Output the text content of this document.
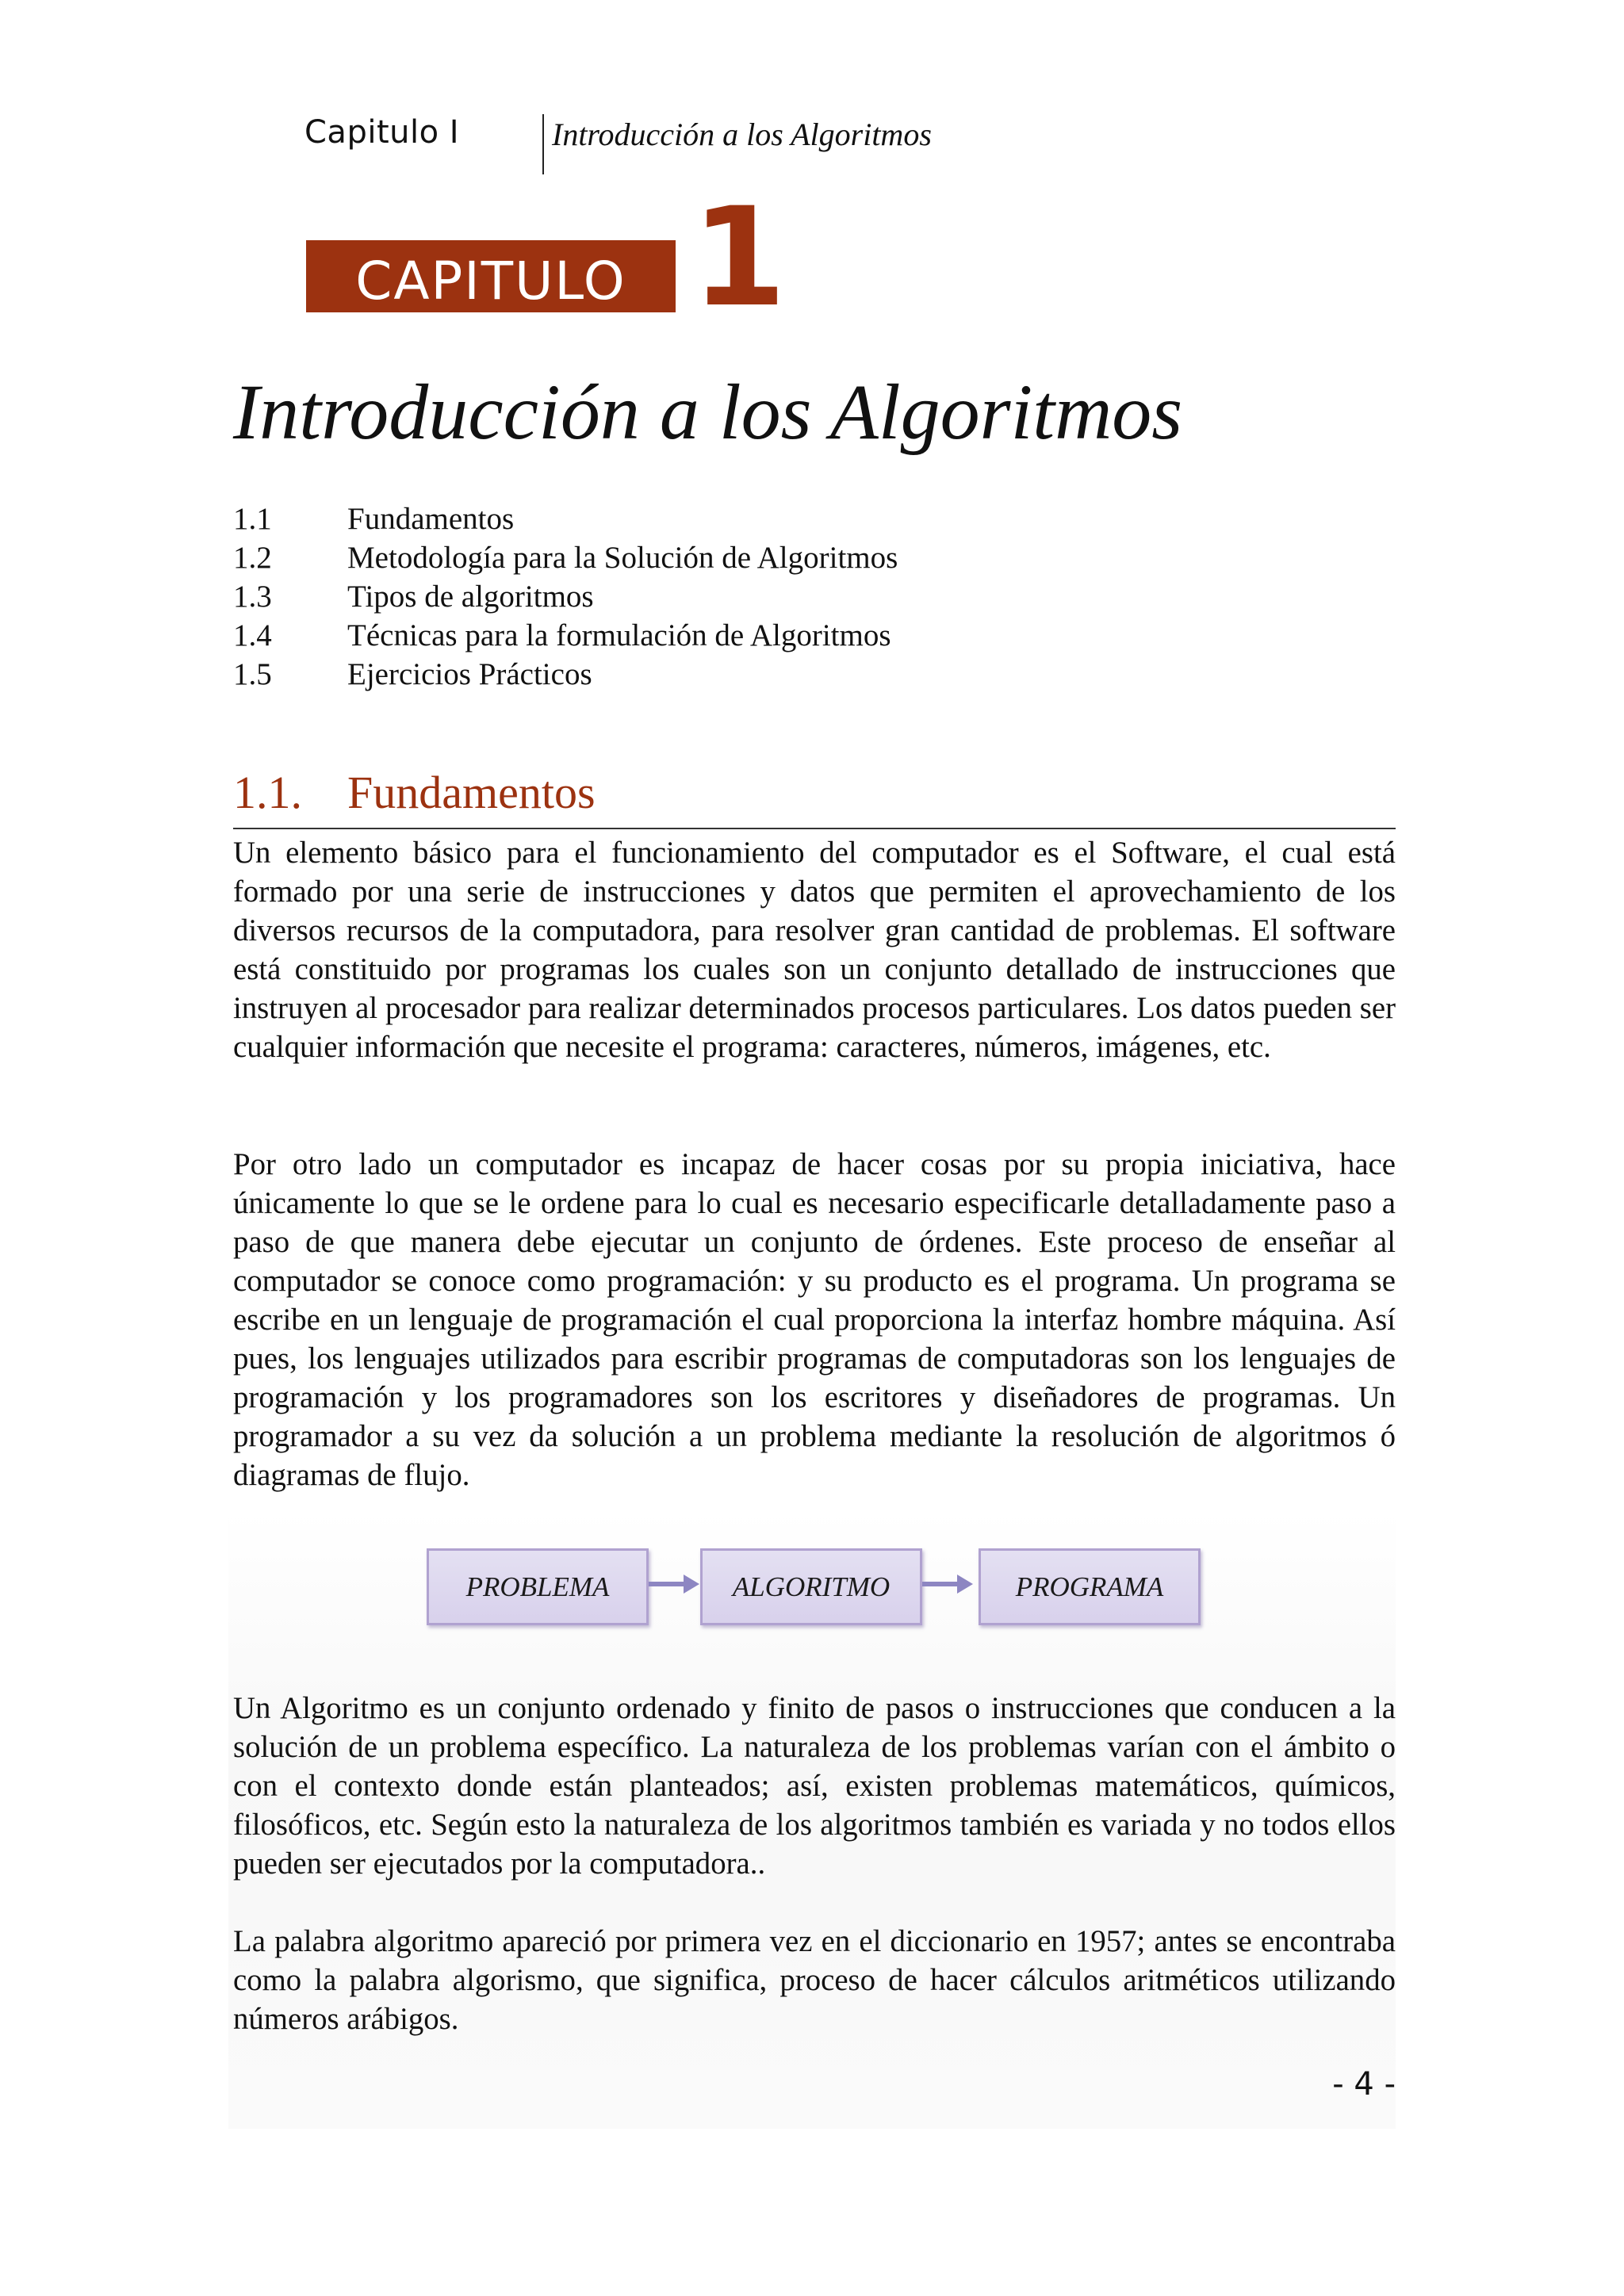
Capitulo I	Introducción a los Algoritmos
CAPITULO 1
Introducción a los Algoritmos
1.1 Fundamentos
1.2 Metodología para la Solución de Algoritmos
1.3 Tipos de algoritmos
1.4 Técnicas para la formulación de Algoritmos
1.5 Ejercicios Prácticos
1.1. Fundamentos

Un elemento básico para el funcionamiento del computador es el Software, el cual está formado por una serie de instrucciones y datos que permiten el aprovechamiento de los diversos recursos de la computadora, para resolver gran cantidad de problemas. El software está constituido por programas los cuales son un conjunto detallado de instrucciones que instruyen al procesador para realizar determinados procesos particulares. Los datos pueden ser cualquier información que necesite el programa: caracteres, números, imágenes, etc.

Por otro lado un computador es incapaz de hacer cosas por su propia iniciativa, hace únicamente lo que se le ordene para lo cual es necesario especificarle detalladamente paso a paso de que manera debe ejecutar un conjunto de órdenes. Este proceso de enseñar al computador se conoce como programación: y su producto es el programa. Un programa se escribe en un lenguaje de programación el cual proporciona la interfaz hombre máquina. Así pues, los lenguajes utilizados para escribir programas de computadoras son los lenguajes de programación y los programadores son los escritores y diseñadores de programas. Un programador a su vez da solución a un problema mediante la resolución de algoritmos ó diagramas de flujo.

PROBLEMA	ALGORITMO	PROGRAMA

Un Algoritmo es un conjunto ordenado y finito de pasos o instrucciones que conducen a la solución de un problema específico. La naturaleza de los problemas varían con el ámbito o con el contexto donde están planteados; así, existen problemas matemáticos, químicos, filosóficos, etc. Según esto la naturaleza de los algoritmos también es variada y no todos ellos pueden ser ejecutados por la computadora..

La palabra algoritmo apareció por primera vez en el diccionario en 1957; antes se encontraba como la palabra algorismo, que significa, proceso de hacer cálculos aritméticos utilizando números arábigos.

- 4 -
